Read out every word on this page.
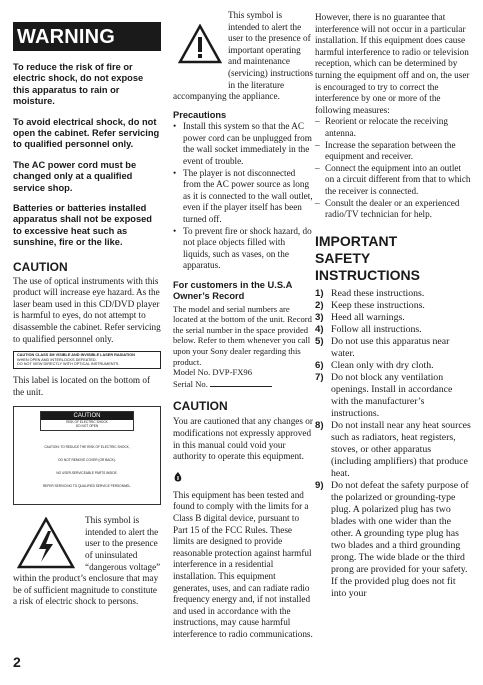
WARNING

To reduce the risk of fire or electric shock, do not expose this apparatus to rain or moisture.

To avoid electrical shock, do not open the cabinet. Refer servicing to qualified personnel only.

The AC power cord must be changed only at a qualified service shop.

Batteries or batteries installed apparatus shall not be exposed to excessive heat such as sunshine, fire or the like.

CAUTION

The use of optical instruments with this product will increase eye hazard. As the laser beam used in this CD/DVD player is harmful to eyes, do not attempt to disassemble the cabinet. Refer servicing to qualified personnel only.

CAUTION CLASS 3M VISIBLE AND INVISIBLE LASER RADIATION
WHEN OPEN AND INTERLOCKS DEFEATED.
DO NOT VIEW DIRECTLY WITH OPTICAL INSTRUMENTS.

This label is located on the bottom of the unit.

CAUTION
RISK OF ELECTRIC SHOCK
DO NOT OPEN
CAUTION: TO REDUCE THE RISK OF ELECTRIC SHOCK,
DO NOT REMOVE COVER (OR BACK).
NO USER-SERVICEABLE PARTS INSIDE.
REFER SERVICING TO QUALIFIED SERVICE PERSONNEL.

This symbol is intended to alert the user to the presence of uninsulated “dangerous voltage” within the product’s enclosure that may be of sufficient magnitude to constitute a risk of electric shock to persons.

This symbol is intended to alert the user to the presence of important operating and maintenance (servicing) instructions in the literature accompanying the appliance.

Precautions
• Install this system so that the AC power cord can be unplugged from the wall socket immediately in the event of trouble.
• The player is not disconnected from the AC power source as long as it is connected to the wall outlet, even if the player itself has been turned off.
• To prevent fire or shock hazard, do not place objects filled with liquids, such as vases, on the apparatus.
For customers in the U.S.A Owner’s Record

The model and serial numbers are located at the bottom of the unit. Record the serial number in the space provided below. Refer to them whenever you call upon your Sony dealer regarding this product.

Model No. DVP-FX96

Serial No.

CAUTION

You are cautioned that any changes or modifications not expressly approved in this manual could void your authority to operate this equipment.

This equipment has been tested and found to comply with the limits for a Class B digital device, pursuant to Part 15 of the FCC Rules. These limits are designed to provide reasonable protection against harmful interference in a residential installation. This equipment generates, uses, and can radiate radio frequency energy and, if not installed and used in accordance with the instructions, may cause harmful interference to radio communications.

However, there is no guarantee that interference will not occur in a particular installation. If this equipment does cause harmful interference to radio or television reception, which can be determined by turning the equipment off and on, the user is encouraged to try to correct the interference by one or more of the following measures:

– Reorient or relocate the receiving antenna.
– Increase the separation between the equipment and receiver.
– Connect the equipment into an outlet on a circuit different from that to which the receiver is connected.
– Consult the dealer or an experienced radio/TV technician for help.
IMPORTANT SAFETY INSTRUCTIONS
1) Read these instructions.
2) Keep these instructions.
3) Heed all warnings.
4) Follow all instructions.
5) Do not use this apparatus near water.
6) Clean only with dry cloth.
7) Do not block any ventilation openings. Install in accordance with the manufacturer’s instructions.
8) Do not install near any heat sources such as radiators, heat registers, stoves, or other apparatus (including amplifiers) that produce heat.
9) Do not defeat the safety purpose of the polarized or grounding-type plug. A polarized plug has two blades with one wider than the other. A grounding type plug has two blades and a third grounding prong. The wide blade or the third prong are provided for your safety. If the provided plug does not fit into your
2
